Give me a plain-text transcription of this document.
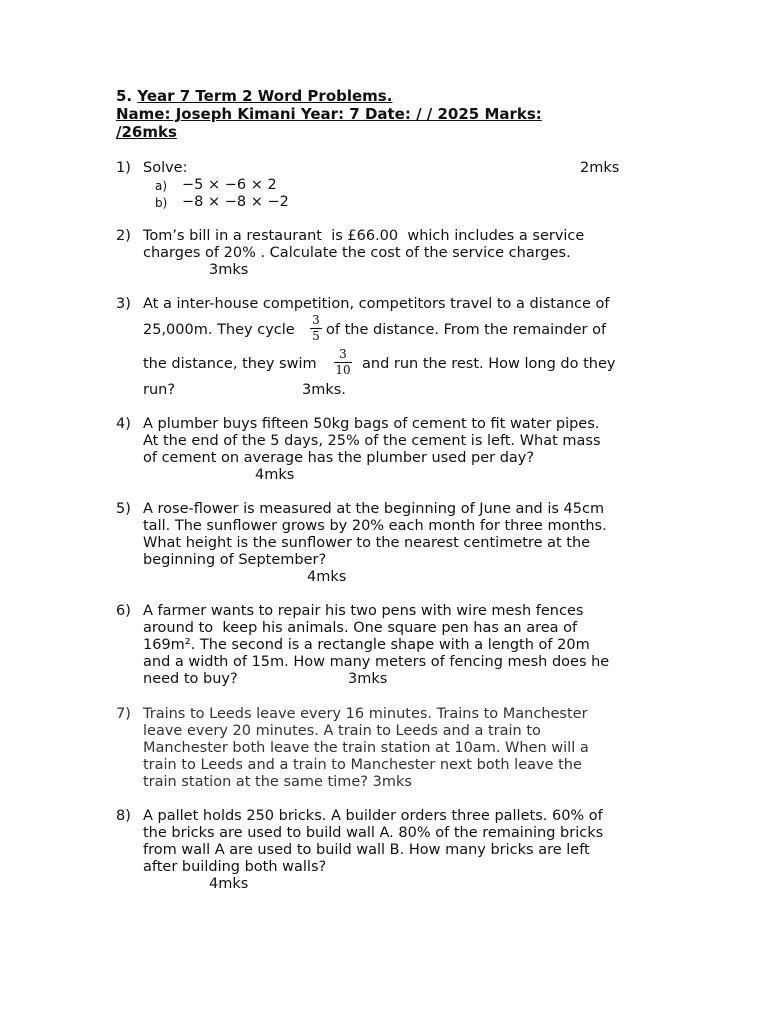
5. Year 7 Term 2 Word Problems.
Name: Joseph Kimani Year: 7 Date: / / 2025 Marks:
/26mks
1) Solve:	2mks
a) −5 × −6 × 2
b) −8 × −8 × −2
2) Tom’s bill in a restaurant  is £66.00  which includes a service
charges of 20% . Calculate the cost of the service charges.
3mks
3) At a inter-house competition, competitors travel to a distance of
25,000m. They cycle
3
5 of the distance. From the remainder of
the distance, they swim
3
10 and run the rest. How long do they
run?	3mks.
4) A plumber buys fifteen 50kg bags of cement to fit water pipes.
At the end of the 5 days, 25% of the cement is left. What mass
of cement on average has the plumber used per day?
4mks
5) A rose-flower is measured at the beginning of June and is 45cm
tall. The sunflower grows by 20% each month for three months.
What height is the sunflower to the nearest centimetre at the
beginning of September?
4mks
6) A farmer wants to repair his two pens with wire mesh fences
around to  keep his animals. One square pen has an area of
169m². The second is a rectangle shape with a length of 20m
and a width of 15m. How many meters of fencing mesh does he
need to buy?	3mks
7) Trains to Leeds leave every 16 minutes. Trains to Manchester
leave every 20 minutes. A train to Leeds and a train to
Manchester both leave the train station at 10am. When will a
train to Leeds and a train to Manchester next both leave the
train station at the same time? 3mks
8) A pallet holds 250 bricks. A builder orders three pallets. 60% of
the bricks are used to build wall A. 80% of the remaining bricks
from wall A are used to build wall B. How many bricks are left
after building both walls?
4mks
